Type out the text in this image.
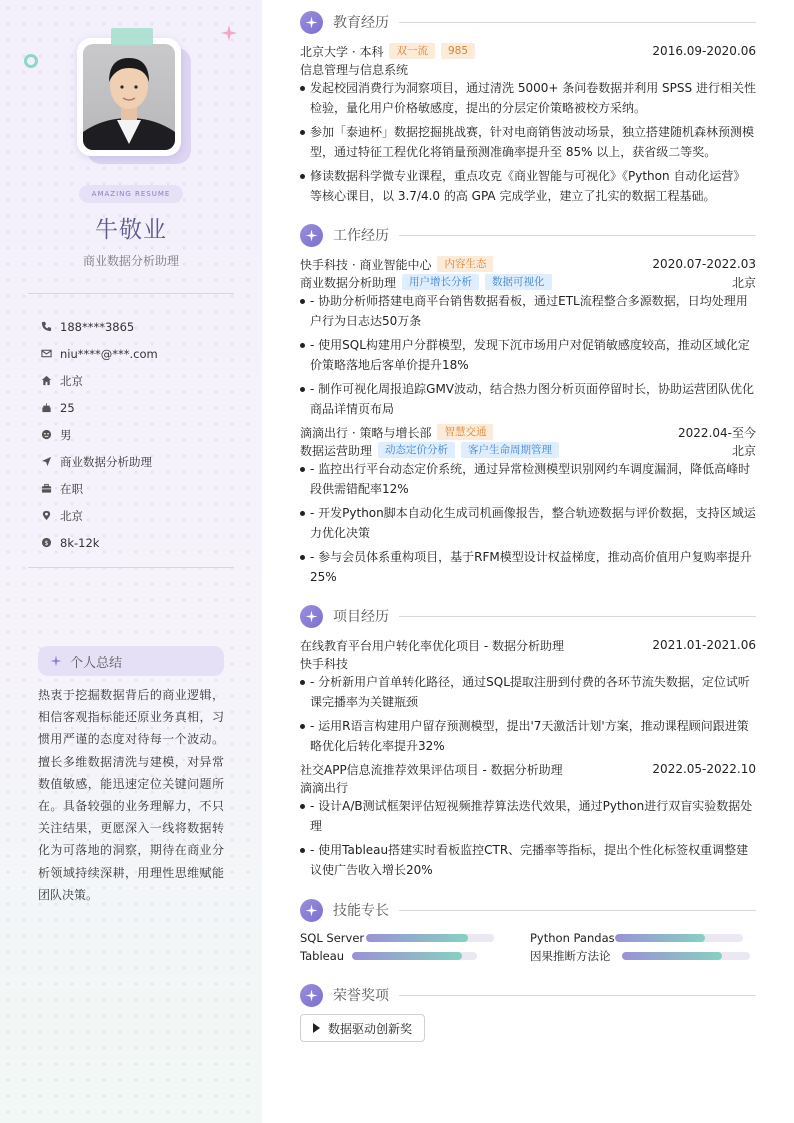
AMAZING RESUME
牛敬业
商业数据分析助理
188****3865
niu****@***.com
北京
25
男
商业数据分析助理
在职
北京
$ 8k-12k
个人总结
热衷于挖掘数据背后的商业逻辑，相信客观指标能还原业务真相，习惯用严谨的态度对待每一个波动。擅长多维数据清洗与建模，对异常数值敏感，能迅速定位关键问题所在。具备较强的业务理解力，不只关注结果，更愿深入一线将数据转化为可落地的洞察，期待在商业分析领域持续深耕，用理性思维赋能团队决策。
教育经历
北京大学 · 本科	双一流	985	2016.09-2020.06
信息管理与信息系统
发起校园消费行为洞察项目，通过清洗 5000+ 条问卷数据并利用 SPSS 进行相关性检验，量化用户价格敏感度，提出的分层定价策略被校方采纳。
参加「泰迪杯」数据挖掘挑战赛，针对电商销售波动场景，独立搭建随机森林预测模型，通过特征工程优化将销量预测准确率提升至 85% 以上，获省级二等奖。
修读数据科学微专业课程，重点攻克《商业智能与可视化》《Python 自动化运营》等核心课目，以 3.7/4.0 的高 GPA 完成学业，建立了扎实的数据工程基础。
工作经历
快手科技 · 商业智能中心	内容生态	2020.07-2022.03
商业数据分析助理	用户增长分析	数据可视化	北京
- 协助分析师搭建电商平台销售数据看板，通过ETL流程整合多源数据，日均处理用户行为日志达50万条
- 使用SQL构建用户分群模型，发现下沉市场用户对促销敏感度较高，推动区域化定价策略落地后客单价提升18%
- 制作可视化周报追踪GMV波动，结合热力图分析页面停留时长，协助运营团队优化商品详情页布局
滴滴出行 · 策略与增长部	智慧交通	2022.04-至今
数据运营助理	动态定价分析	客户生命周期管理	北京
- 监控出行平台动态定价系统，通过异常检测模型识别网约车调度漏洞，降低高峰时段供需错配率12%
- 开发Python脚本自动化生成司机画像报告，整合轨迹数据与评价数据，支持区域运力优化决策
- 参与会员体系重构项目，基于RFM模型设计权益梯度，推动高价值用户复购率提升25%
项目经历
在线教育平台用户转化率优化项目 - 数据分析助理	2021.01-2021.06
快手科技
- 分析新用户首单转化路径，通过SQL提取注册到付费的各环节流失数据，定位试听课完播率为关键瓶颈
- 运用R语言构建用户留存预测模型，提出'7天激活计划'方案，推动课程顾问跟进策略优化后转化率提升32%
社交APP信息流推荐效果评估项目 - 数据分析助理	2022.05-2022.10
滴滴出行
- 设计A/B测试框架评估短视频推荐算法迭代效果，通过Python进行双盲实验数据处理
- 使用Tableau搭建实时看板监控CTR、完播率等指标，提出个性化标签权重调整建议使广告收入增长20%
技能专长
SQL Server	Python Pandas
Tableau	因果推断方法论
荣誉奖项
数据驱动创新奖
